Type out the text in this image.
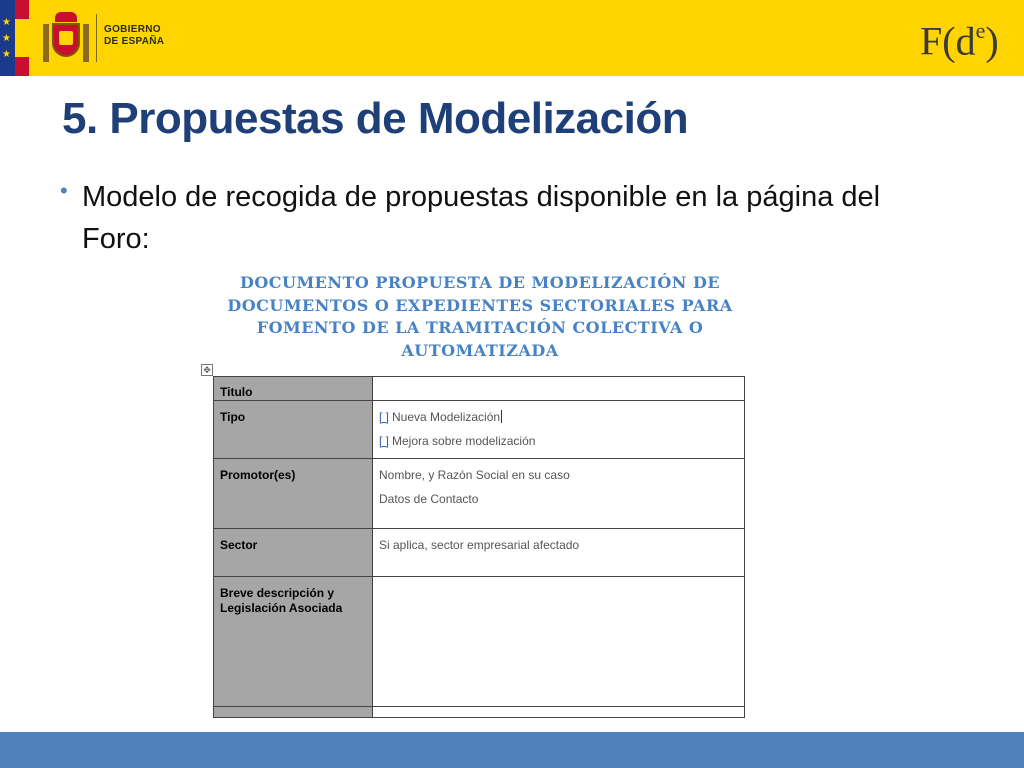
★
★
★
GOBIERNO
DE ESPAÑA	$F(d^e)$
5. Propuestas de Modelización
• Modelo de recogida de propuestas disponible en la página del Foro:

DOCUMENTO PROPUESTA DE MODELIZACIÓN DE DOCUMENTOS O EXPEDIENTES SECTORIALES PARA FOMENTO DE LA TRAMITACIÓN COLECTIVA O AUTOMATIZADA

✥
Titulo	
Tipo	[ ] Nueva Modelización
[ ] Mejora sobre modelización

Promotor(es)	Nombre, y Razón Social en su caso
Datos de Contacto

Sector	Si aplica, sector empresarial afectado

Breve descripción y Legislación Asociada	
